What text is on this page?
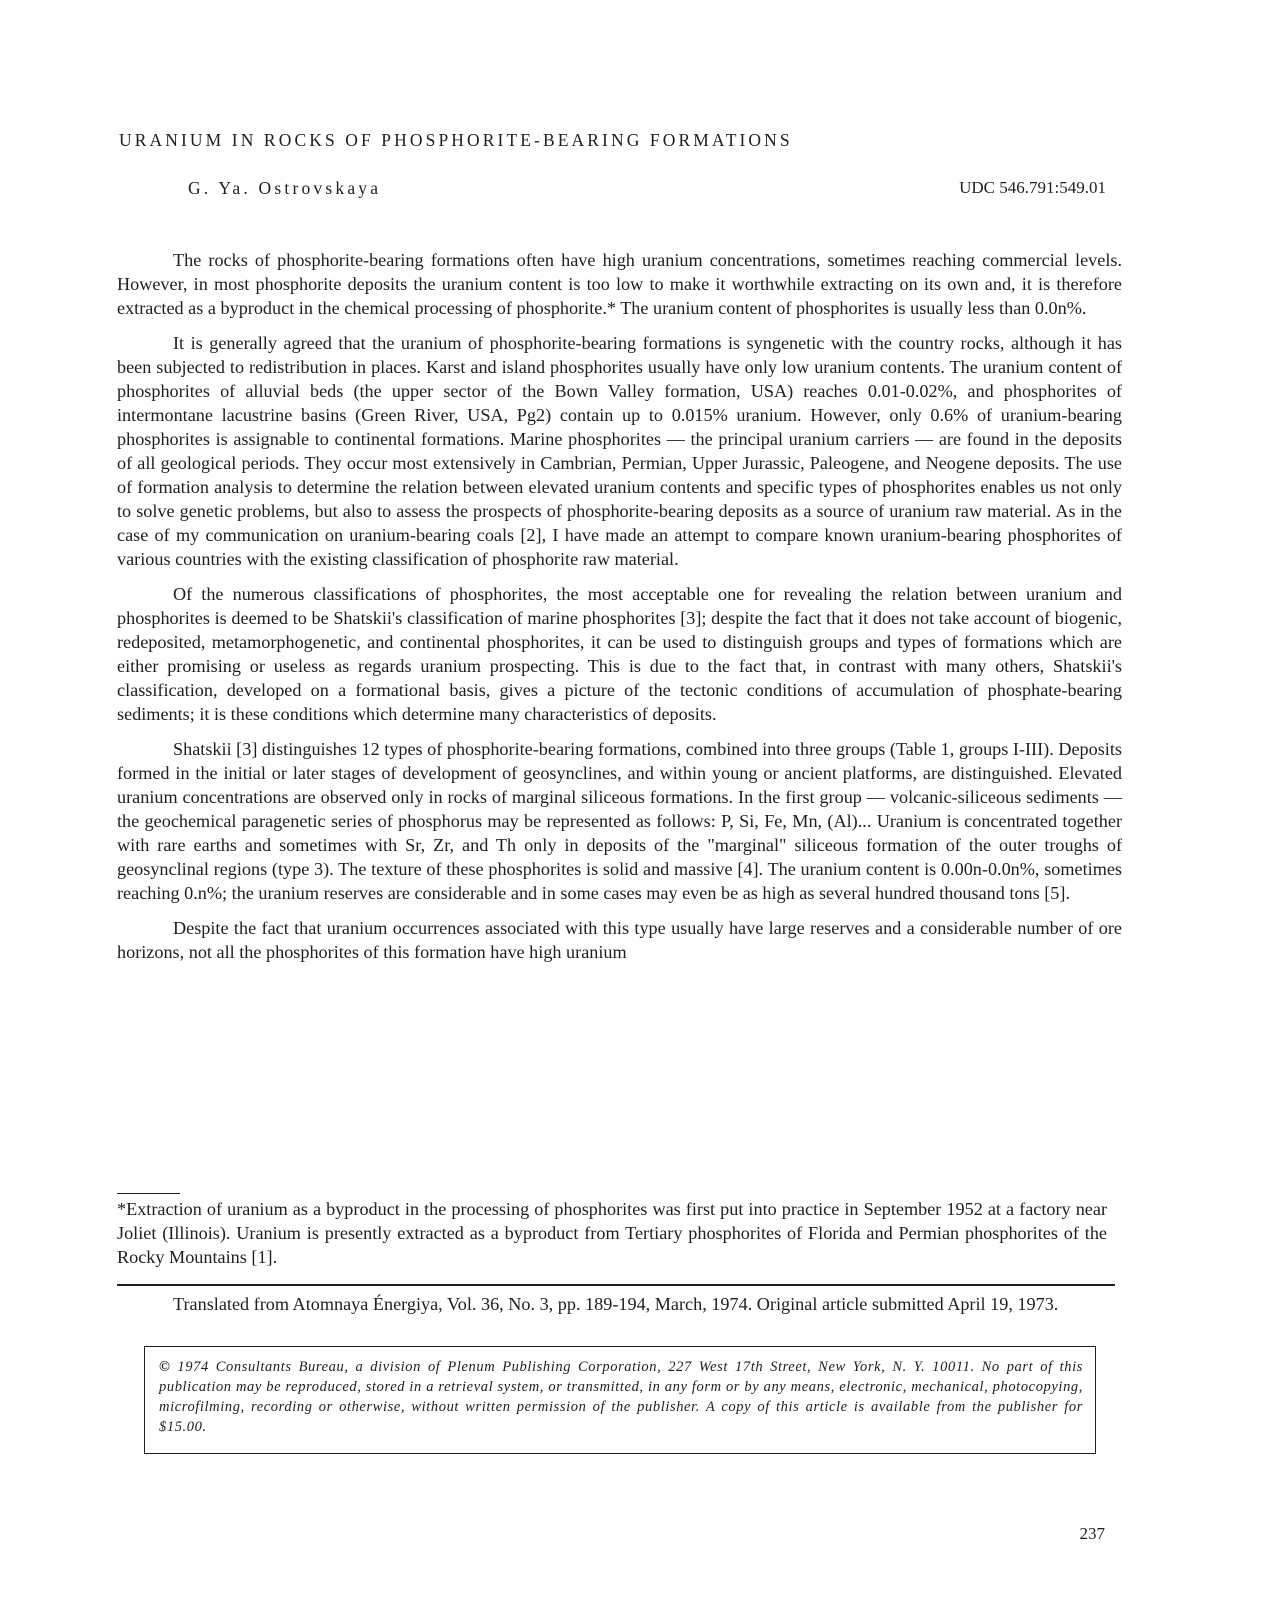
URANIUM IN ROCKS OF PHOSPHORITE-BEARING FORMATIONS
G. Ya. Ostrovskaya	UDC 546.791:549.01

The rocks of phosphorite-bearing formations often have high uranium concentrations, sometimes reaching commercial levels. However, in most phosphorite deposits the uranium content is too low to make it worthwhile extracting on its own and, it is therefore extracted as a byproduct in the chemical processing of phosphorite.* The uranium content of phosphorites is usually less than 0.0n%.

It is generally agreed that the uranium of phosphorite-bearing formations is syngenetic with the country rocks, although it has been subjected to redistribution in places. Karst and island phosphorites usually have only low uranium contents. The uranium content of phosphorites of alluvial beds (the upper sector of the Bown Valley formation, USA) reaches 0.01-0.02%, and phosphorites of intermontane lacustrine basins (Green River, USA, Pg2) contain up to 0.015% uranium. However, only 0.6% of uranium-bearing phosphorites is assignable to continental formations. Marine phosphorites — the principal uranium carriers — are found in the deposits of all geological periods. They occur most extensively in Cambrian, Permian, Upper Jurassic, Paleogene, and Neogene deposits. The use of formation analysis to determine the relation between elevated uranium contents and specific types of phosphorites enables us not only to solve genetic problems, but also to assess the prospects of phosphorite-bearing deposits as a source of uranium raw material. As in the case of my communication on uranium-bearing coals [2], I have made an attempt to compare known uranium-bearing phosphorites of various countries with the existing classification of phosphorite raw material.

Of the numerous classifications of phosphorites, the most acceptable one for revealing the relation between uranium and phosphorites is deemed to be Shatskii's classification of marine phosphorites [3]; despite the fact that it does not take account of biogenic, redeposited, metamorphogenetic, and continental phosphorites, it can be used to distinguish groups and types of formations which are either promising or useless as regards uranium prospecting. This is due to the fact that, in contrast with many others, Shatskii's classification, developed on a formational basis, gives a picture of the tectonic conditions of accumulation of phosphate-bearing sediments; it is these conditions which determine many characteristics of deposits.

Shatskii [3] distinguishes 12 types of phosphorite-bearing formations, combined into three groups (Table 1, groups I-III). Deposits formed in the initial or later stages of development of geosynclines, and within young or ancient platforms, are distinguished. Elevated uranium concentrations are observed only in rocks of marginal siliceous formations. In the first group — volcanic-siliceous sediments — the geochemical paragenetic series of phosphorus may be represented as follows: P, Si, Fe, Mn, (Al)... Uranium is concentrated together with rare earths and sometimes with Sr, Zr, and Th only in deposits of the "marginal" siliceous formation of the outer troughs of geosynclinal regions (type 3). The texture of these phosphorites is solid and massive [4]. The uranium content is 0.00n-0.0n%, sometimes reaching 0.n%; the uranium reserves are considerable and in some cases may even be as high as several hundred thousand tons [5].

Despite the fact that uranium occurrences associated with this type usually have large reserves and a considerable number of ore horizons, not all the phosphorites of this formation have high uranium

*Extraction of uranium as a byproduct in the processing of phosphorites was first put into practice in September 1952 at a factory near Joliet (Illinois). Uranium is presently extracted as a byproduct from Tertiary phosphorites of Florida and Permian phosphorites of the Rocky Mountains [1].

Translated from Atomnaya Énergiya, Vol. 36, No. 3, pp. 189-194, March, 1974. Original article submitted April 19, 1973.

© 1974 Consultants Bureau, a division of Plenum Publishing Corporation, 227 West 17th Street, New York, N. Y. 10011. No part of this publication may be reproduced, stored in a retrieval system, or transmitted, in any form or by any means, electronic, mechanical, photocopying, microfilming, recording or otherwise, without written permission of the publisher. A copy of this article is available from the publisher for $15.00.

237
